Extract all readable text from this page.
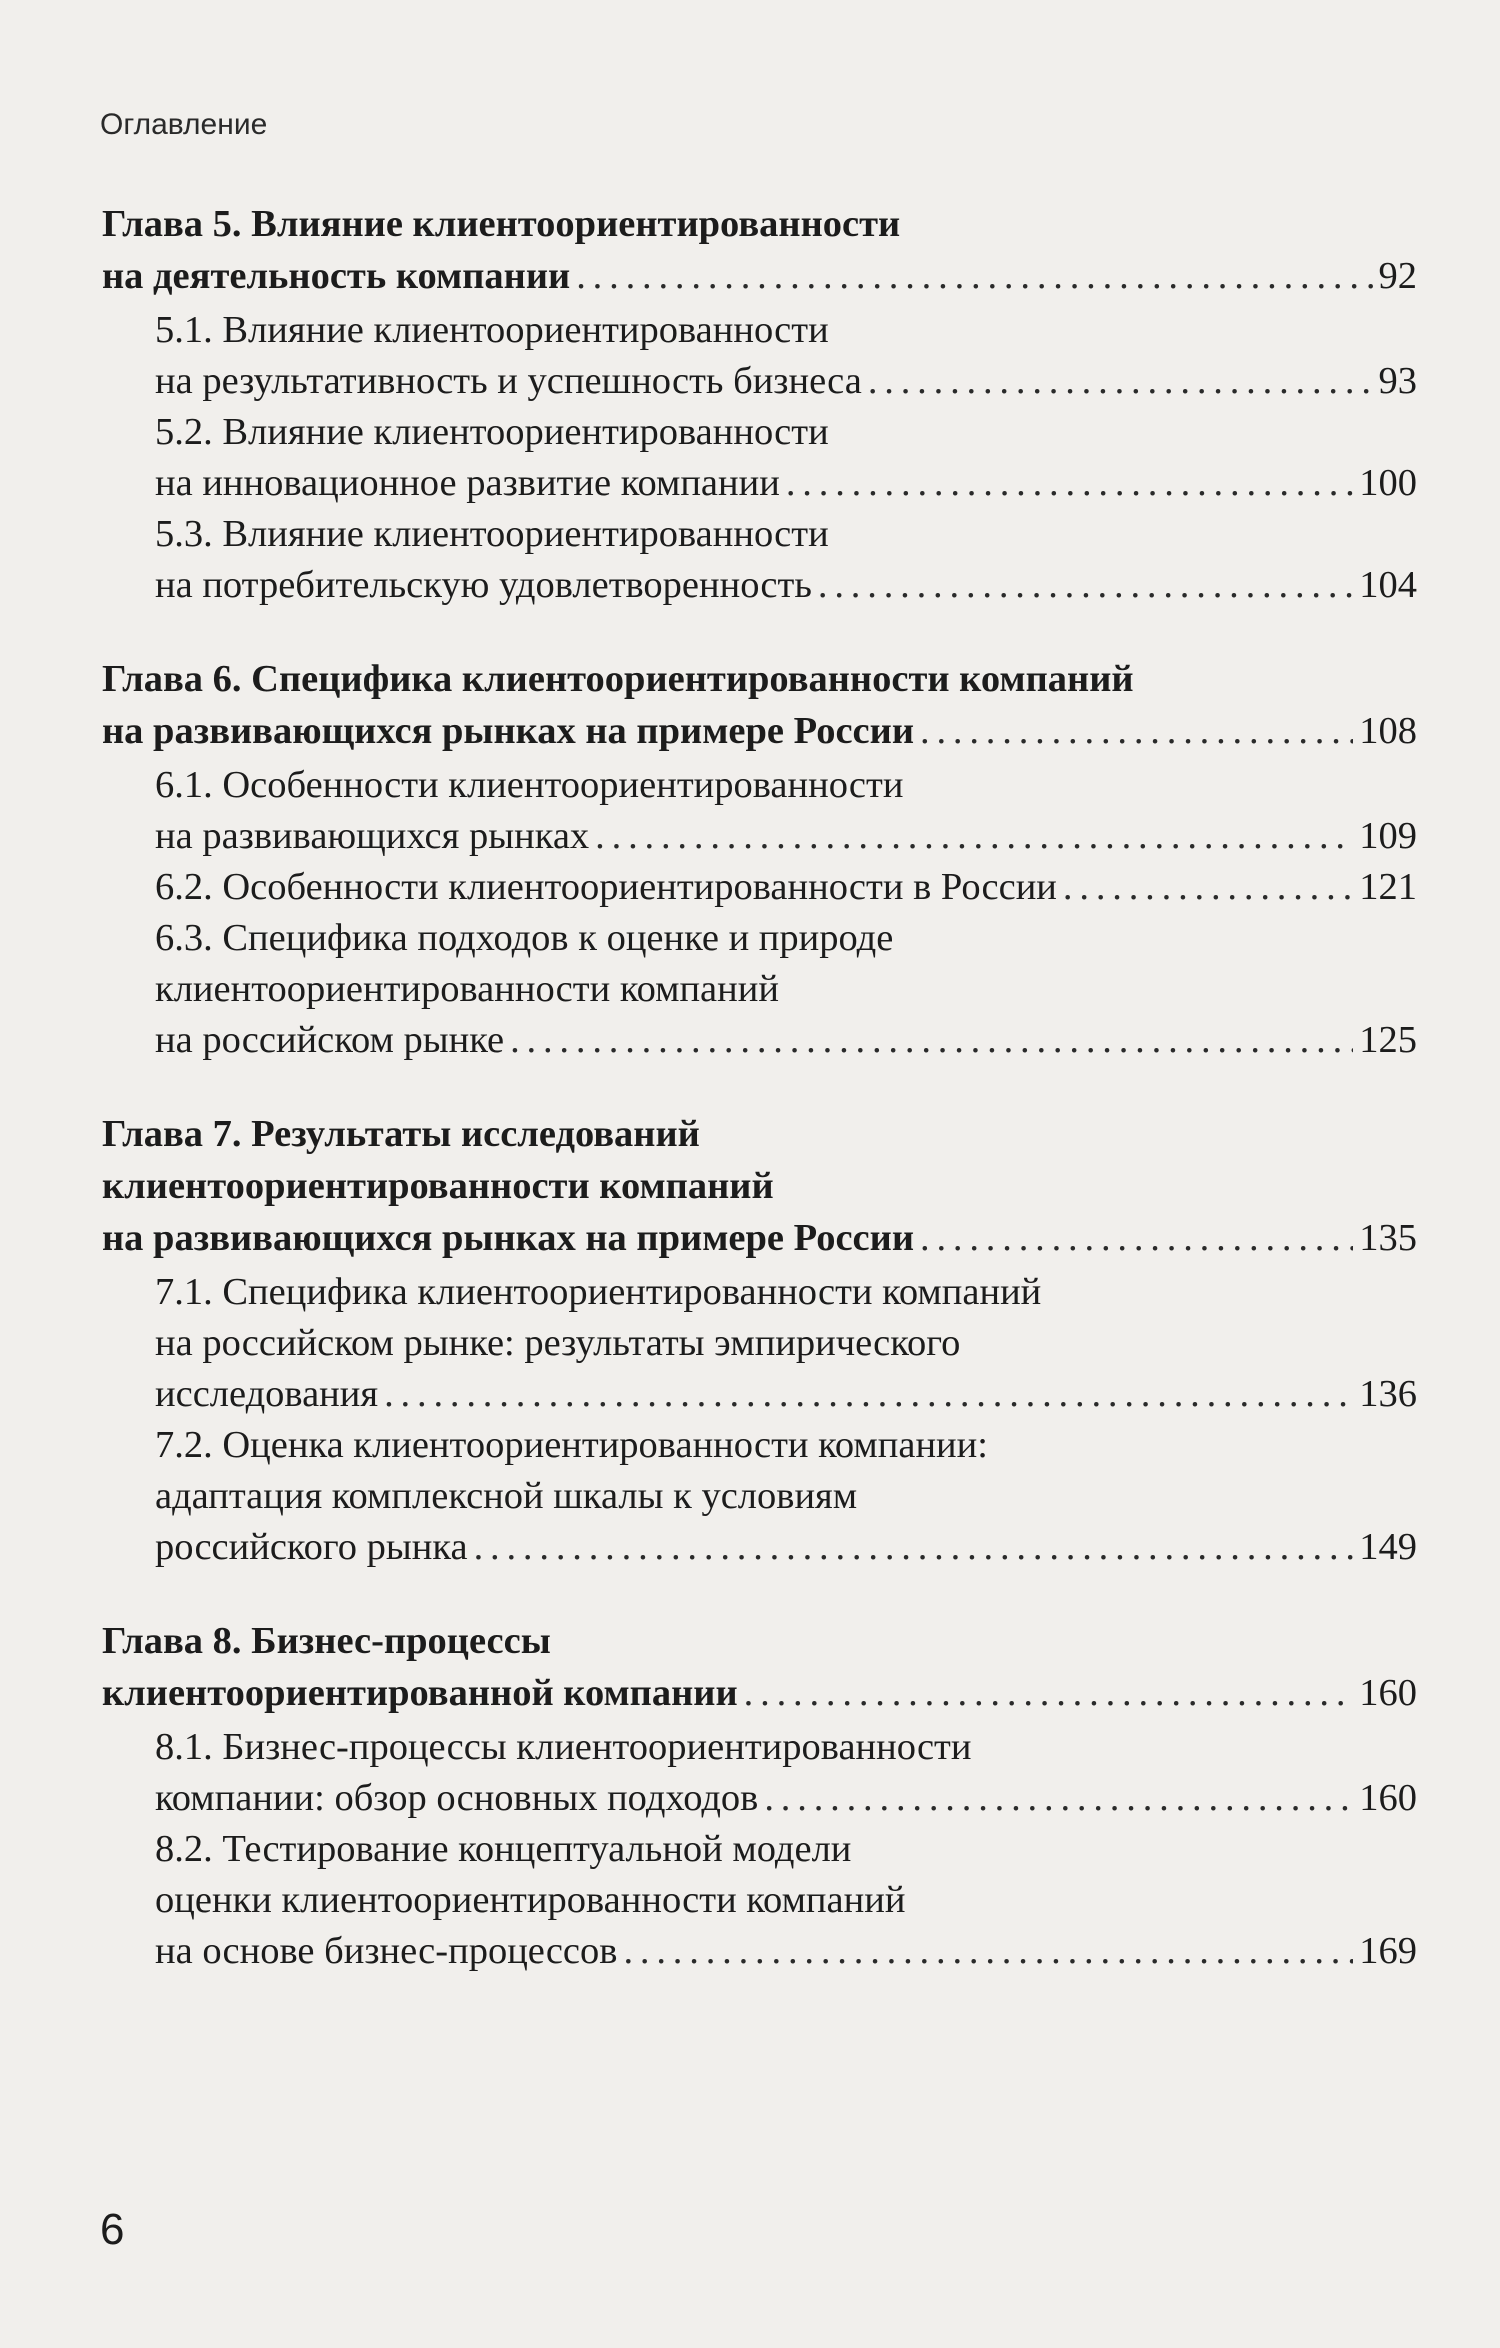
Оглавление
Глава 5. Влияние клиентоориентированности
на деятельность компании . . .	92
5.1. Влияние клиентоориентированности
на результативность и успешность бизнеса . . .	93
5.2. Влияние клиентоориентированности
на инновационное развитие компании . . .	100
5.3. Влияние клиентоориентированности
на потребительскую удовлетворенность . . .	104
Глава 6. Специфика клиентоориентированности компаний
на развивающихся рынках на примере России . . .	108
6.1. Особенности клиентоориентированности
на развивающихся рынках . . .	109
6.2. Особенности клиентоориентированности в России . . .	121
6.3. Специфика подходов к оценке и природе
клиентоориентированности компаний
на российском рынке . . .	125
Глава 7. Результаты исследований
клиентоориентированности компаний
на развивающихся рынках на примере России . . .	135
7.1. Специфика клиентоориентированности компаний
на российском рынке: результаты эмпирического
исследования . . .	136
7.2. Оценка клиентоориентированности компании:
адаптация комплексной шкалы к условиям
российского рынка . . .	149
Глава 8. Бизнес-процессы
клиентоориентированной компании . . .	160
8.1. Бизнес-процессы клиентоориентированности
компании: обзор основных подходов . . .	160
8.2. Тестирование концептуальной модели
оценки клиентоориентированности компаний
на основе бизнес-процессов . . .	169
6
